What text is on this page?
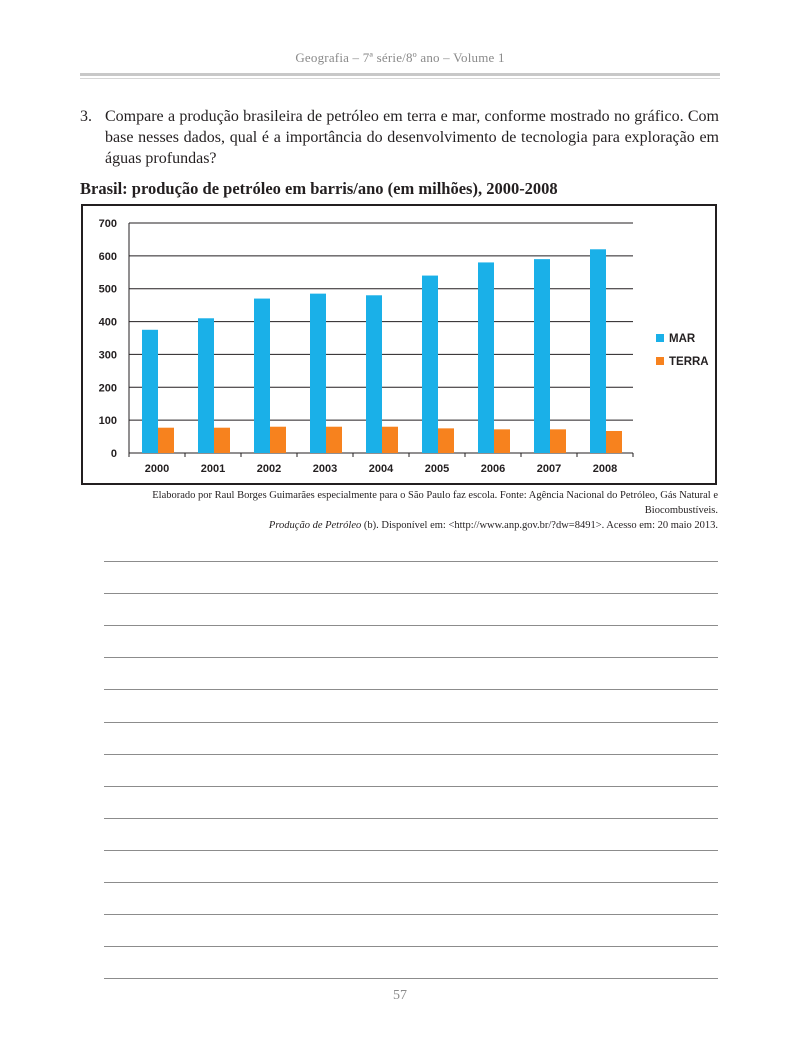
Geografia – 7ª série/8º ano – Volume 1
3. Compare a produção brasileira de petróleo em terra e mar, conforme mostrado no gráfico. Com base nesses dados, qual é a importância do desenvolvimento de tecnologia para exploração em águas profundas?
Brasil: produção de petróleo em barris/ano (em milhões), 2000-2008
0
100
200
300
400
500
600
700
2000	2001	2002	2003	2004	2005	2006	2007	2008
MAR
TERRA
Elaborado por Raul Borges Guimarães especialmente para o São Paulo faz escola. Fonte: Agência Nacional do Petróleo, Gás Natural e Biocombustíveis.
Produção de Petróleo (b). Disponível em: <http://www.anp.gov.br/?dw=8491>. Acesso em: 20 maio 2013.
57
